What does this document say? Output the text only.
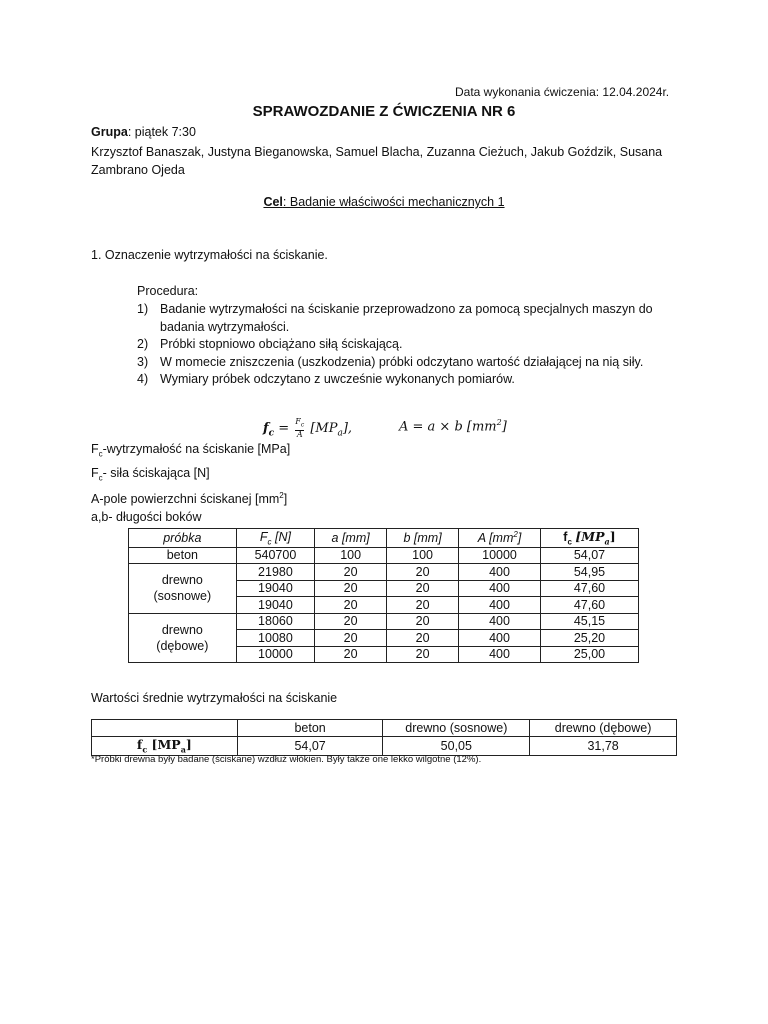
Data wykonania ćwiczenia: 12.04.2024r.
SPRAWOZDANIE Z ĆWICZENIA NR 6
Grupa: piątek 7:30
Krzysztof Banaszak, Justyna Bieganowska, Samuel Blacha, Zuzanna Cieżuch, Jakub Goździk, Susana Zambrano Ojeda
Cel: Badanie właściwości mechanicznych 1
1. Oznaczenie wytrzymałości na ściskanie.
Procedura:
1) Badanie wytrzymałości na ściskanie przeprowadzono za pomocą specjalnych maszyn do badania wytrzymałości.
2) Próbki stopniowo obciążano siłą ściskającą.
3) W momecie zniszczenia (uszkodzenia) próbki odczytano wartość działającej na nią siły.
4) Wymiary próbek odczytano z uwcześnie wykonanych pomiarów.
$f_c = \frac{F_c}{A} [MP_a]$,	A = a × b $[mm^2]$
$F_c$-wytrzymałość na ściskanie [MPa]
$F_c-$ siła ściskająca [N]
A-pole powierzchni ściskanej $[mm^2]$
a,b- długości boków
próbka	$F_c$ [N]	a [mm]	b [mm]	A $[mm^2]$	$f_c$ $[MP_a]$
beton	540700	100	100	10000	54,07

drewno
(sosnowe)	21980	20	20	400	54,95
	19040	20	20	400	47,60
	19040	20	20	400	47,60

drewno
(dębowe)	18060	20	20	400	45,15
	10080	20	20	400	25,20
	10000	20	20	400	25,00
Wartości średnie wytrzymałości na ściskanie
	beton	drewno (sosnowe)	drewno (dębowe)
$f_c$ $[MP_a]$	54,07	50,05	31,78
*Próbki drewna były badane (ściskane) wzdłuż włókien. Były także one lekko wilgotne (12%).
